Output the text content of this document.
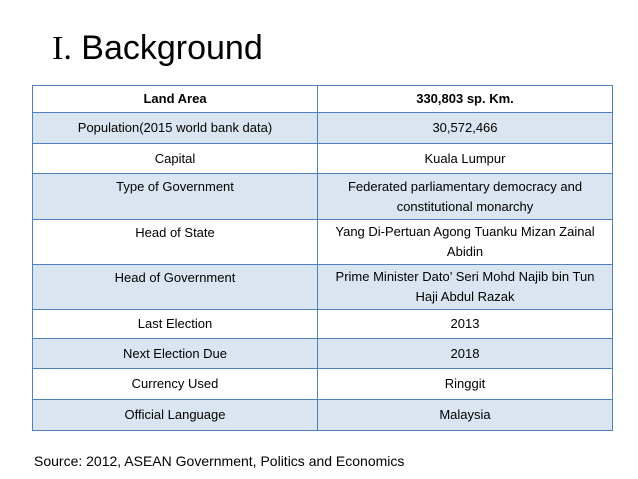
I. Background
Land Area	330,803 sp. Km.
Population(2015 world bank data)	30,572,466
Capital	Kuala Lumpur
Type of Government	Federated parliamentary democracy and constitutional monarchy
Head of State	Yang Di-Pertuan Agong Tuanku Mizan Zainal Abidin
Head of Government	Prime Minister Dato’ Seri Mohd Najib bin Tun Haji Abdul Razak
Last Election	2013
Next Election Due	2018
Currency Used	Ringgit
Official Language	Malaysia

Source: 2012, ASEAN Government, Politics and Economics
